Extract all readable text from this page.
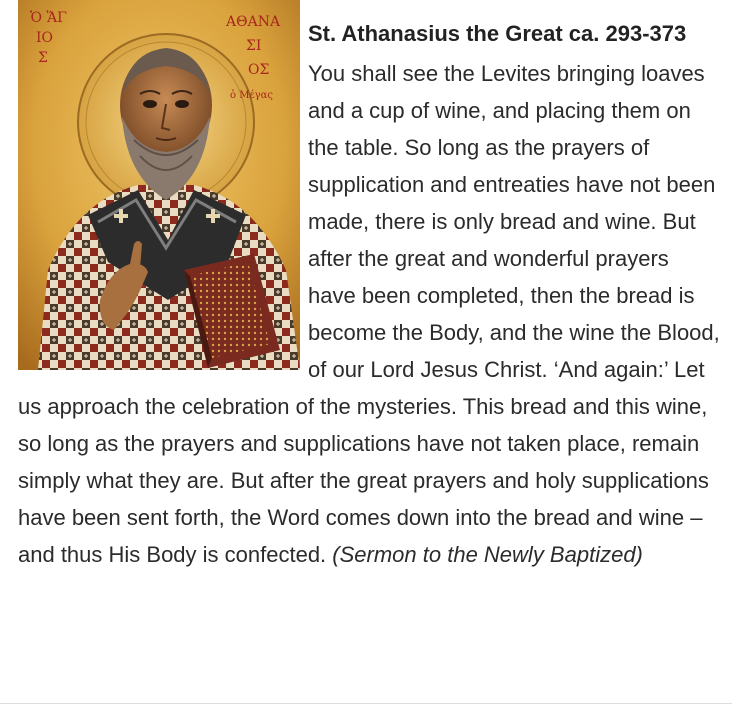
Ὁ ἍΓ
ΙΟ
Σ
ΑΘΑΝΑ
ΣΙ
ΟΣ
ὁ Μέγας
St. Athanasius the Great ca. 293-373

You shall see the Levites bringing loaves and a cup of wine, and placing them on the table. So long as the prayers of supplication and entreaties have not been made, there is only bread and wine. But after the great and wonderful prayers have been completed, then the bread is become the Body, and the wine the Blood, of our Lord Jesus Christ. ‘And again:’ Let us approach the celebration of the mysteries. This bread and this wine, so long as the prayers and supplications have not taken place, remain simply what they are. But after the great prayers and holy supplications have been sent forth, the Word comes down into the bread and wine – and thus His Body is confected. (Sermon to the Newly Baptized)
